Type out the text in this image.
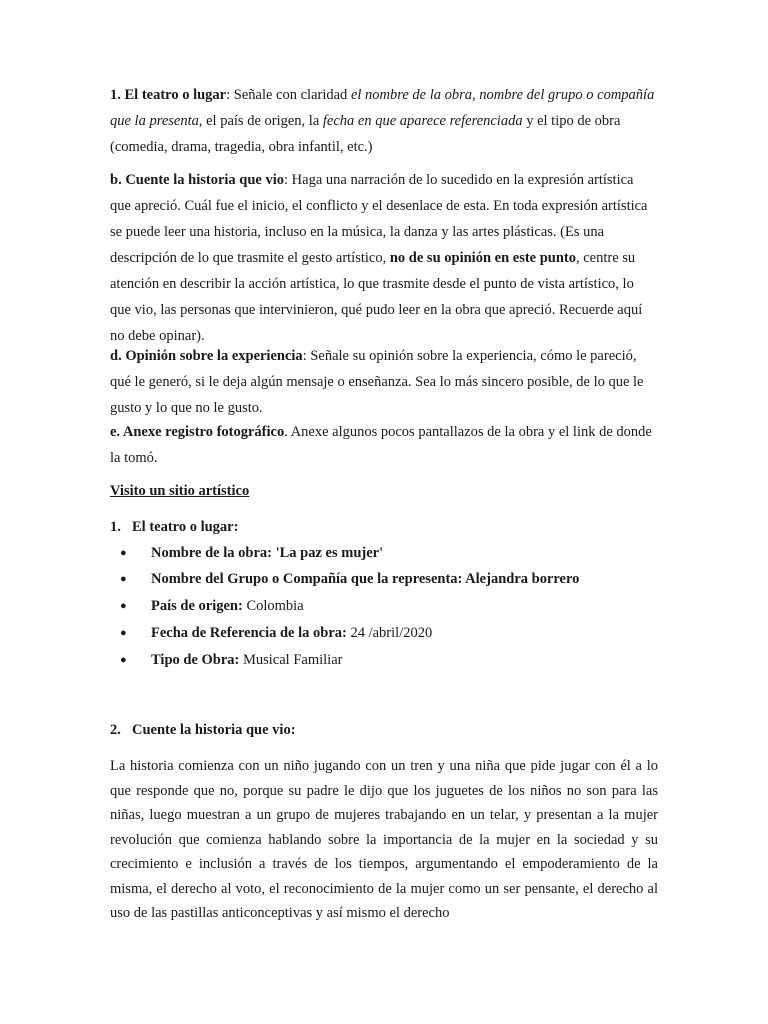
1. El teatro o lugar: Señale con claridad el nombre de la obra, nombre del grupo o compañía que la presenta, el país de origen, la fecha en que aparece referenciada y el tipo de obra (comedia, drama, tragedia, obra infantil, etc.)

b. Cuente la historia que vio: Haga una narración de lo sucedido en la expresión artística que apreció. Cuál fue el inicio, el conflicto y el desenlace de esta. En toda expresión artística se puede leer una historia, incluso en la música, la danza y las artes plásticas. (Es una descripción de lo que trasmite el gesto artístico, no de su opinión en este punto, centre su atención en describir la acción artística, lo que trasmite desde el punto de vista artístico, lo que vio, las personas que intervinieron, qué pudo leer en la obra que apreció. Recuerde aquí no debe opinar).

d. Opinión sobre la experiencia: Señale su opinión sobre la experiencia, cómo le pareció, qué le generó, si le deja algún mensaje o enseñanza. Sea lo más sincero posible, de lo que le gusto y lo que no le gusto.

e. Anexe registro fotográfico. Anexe algunos pocos pantallazos de la obra y el link de donde la tomó.

Visito un sitio artístico

1. El teatro o lugar:

● Nombre de la obra: 'La paz es mujer'
● Nombre del Grupo o Compañía que la representa: Alejandra borrero
● País de origen: Colombia
● Fecha de Referencia de la obra: 24 /abril/2020
● Tipo de Obra: Musical Familiar

2. Cuente la historia que vio:

La historia comienza con un niño jugando con un tren y una niña que pide jugar con él a lo que responde que no, porque su padre le dijo que los juguetes de los niños no son para las niñas, luego muestran a un grupo de mujeres trabajando en un telar, y presentan a la mujer revolución que comienza hablando sobre la importancia de la mujer en la sociedad y su crecimiento e inclusión a través de los tiempos, argumentando el empoderamiento de la misma, el derecho al voto, el reconocimiento de la mujer como un ser pensante, el derecho al uso de las pastillas anticonceptivas y así mismo el derecho
